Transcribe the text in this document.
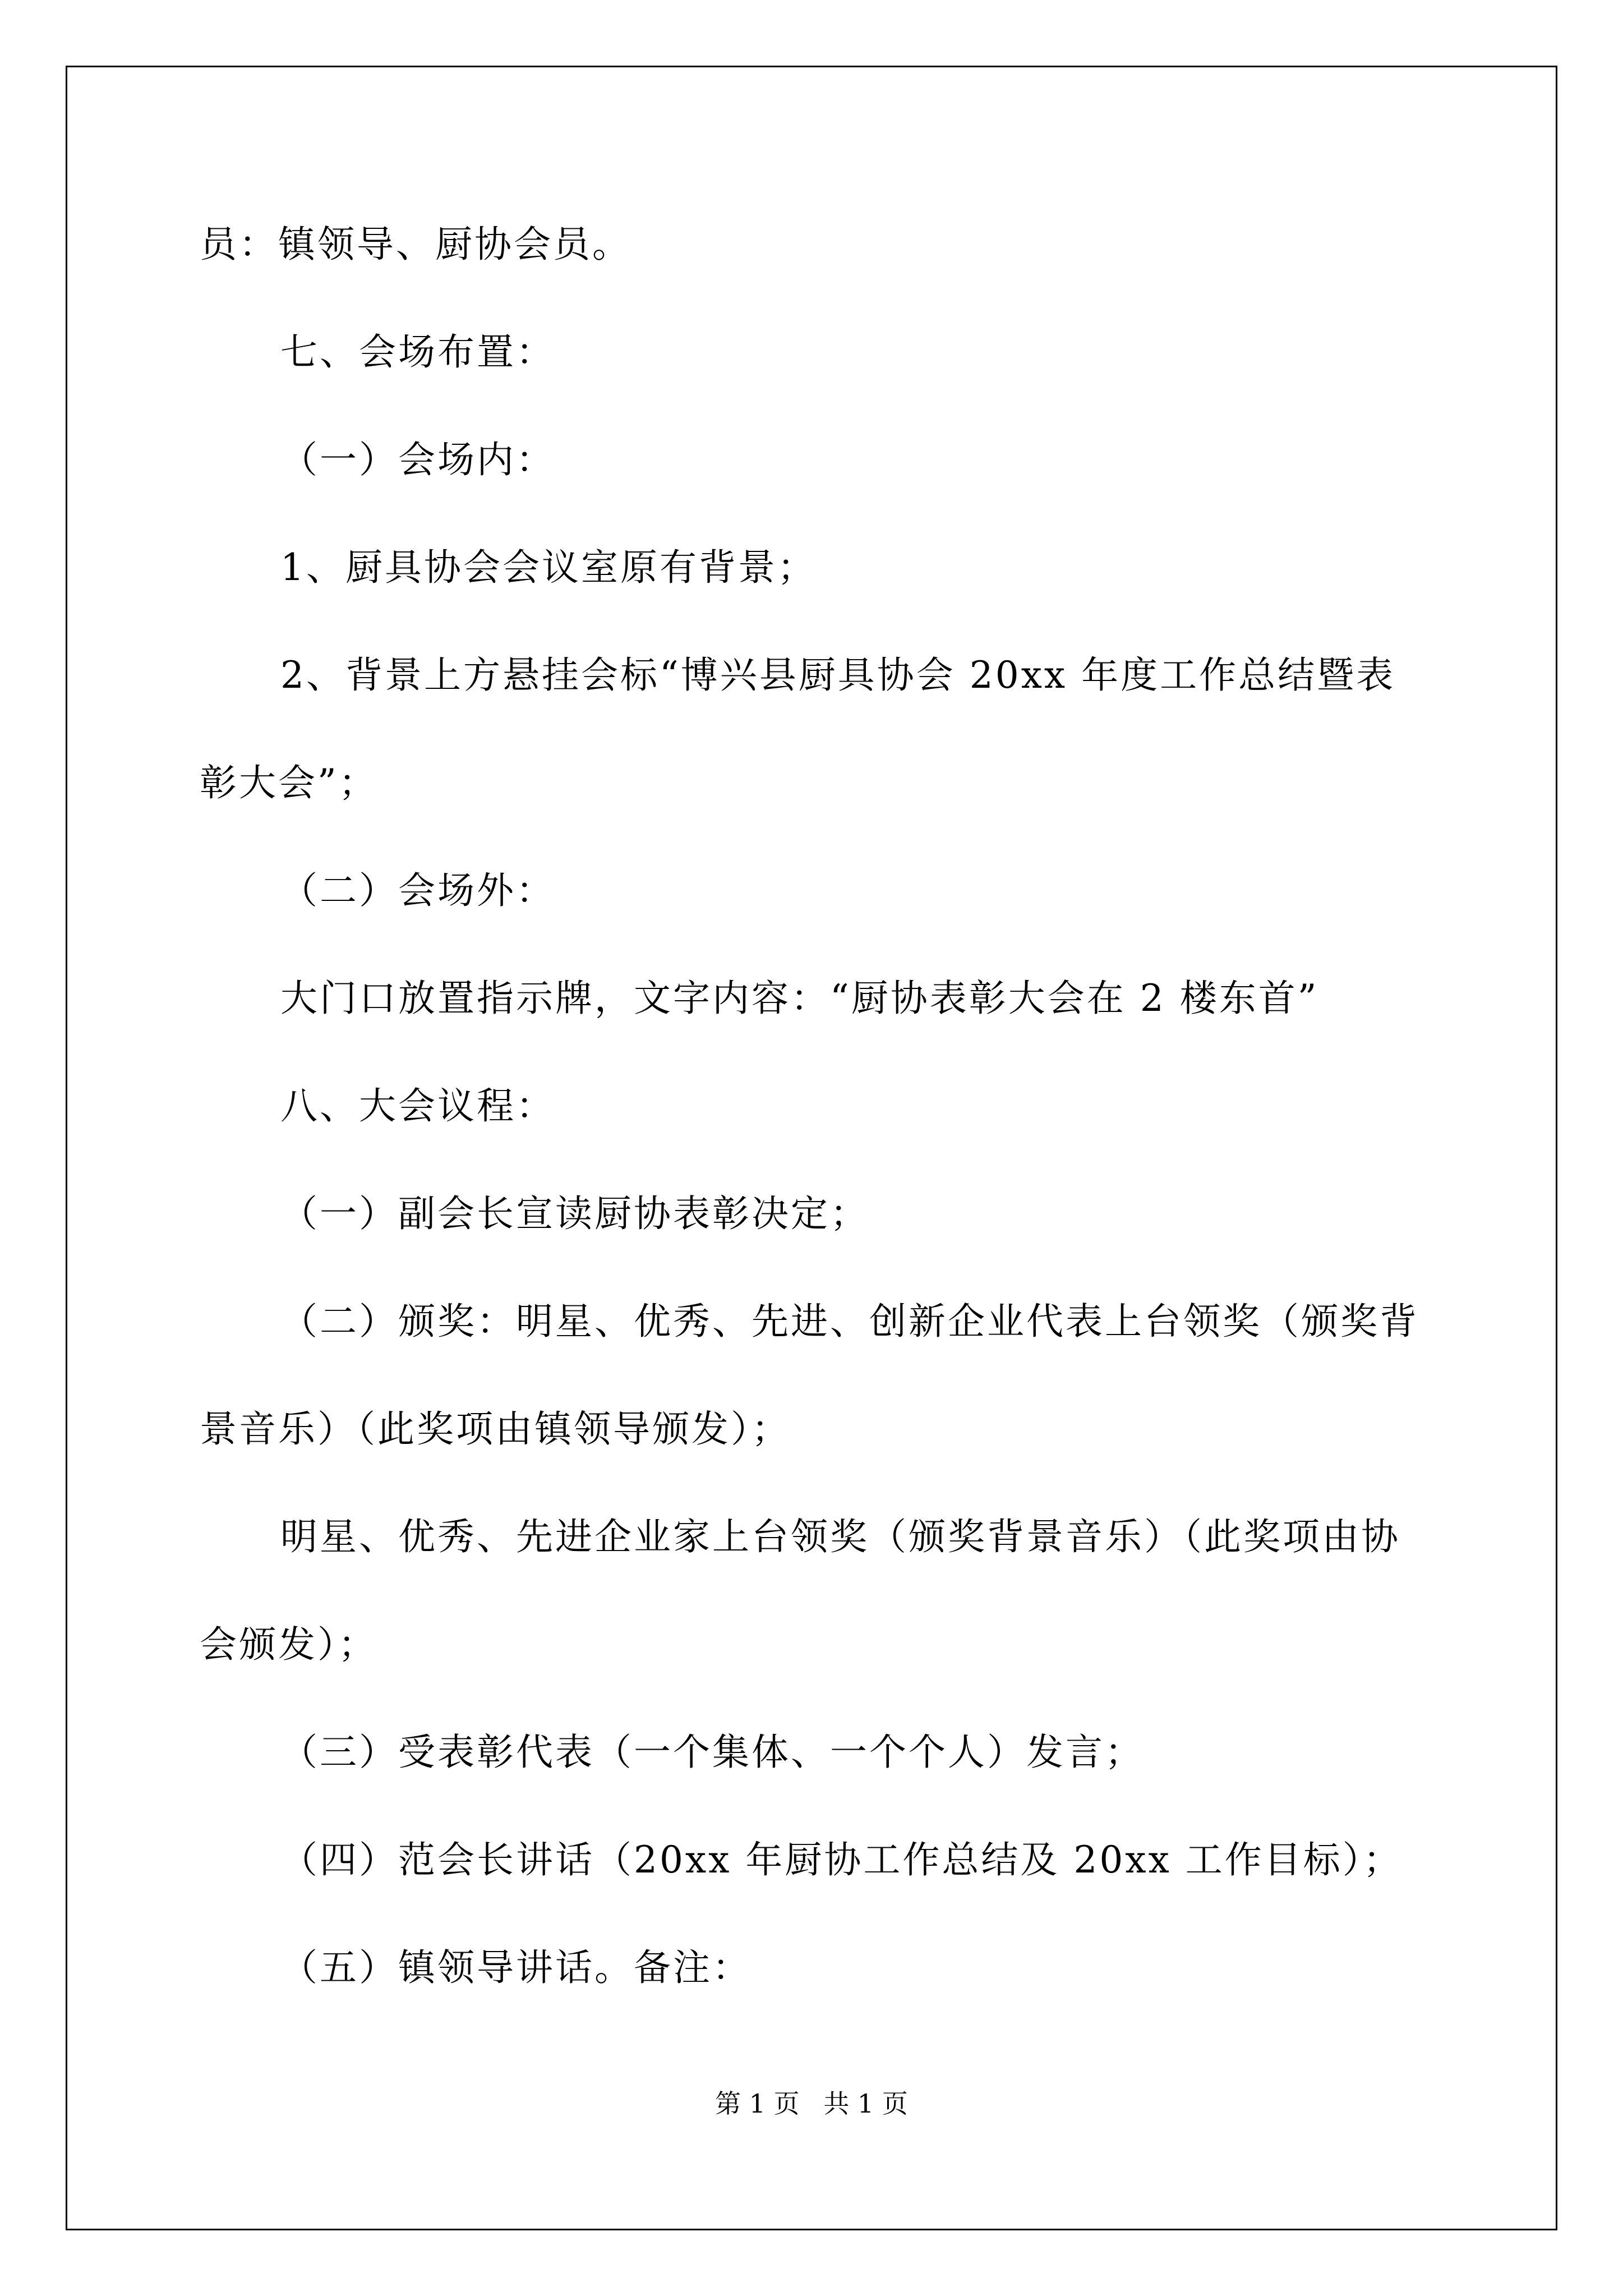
员：镇领导、厨协会员。

七、会场布置：

（一）会场内：

1、厨具协会会议室原有背景；

2、背景上方悬挂会标“博兴县厨具协会 20xx 年度工作总结暨表彰大会”；

（二）会场外：

大门口放置指示牌，文字内容：“厨协表彰大会在 2 楼东首”

八、大会议程：

（一）副会长宣读厨协表彰决定；

（二）颁奖：明星、优秀、先进、创新企业代表上台领奖（颁奖背景音乐）（此奖项由镇领导颁发）；

明星、优秀、先进企业家上台领奖（颁奖背景音乐）（此奖项由协会颁发）；

（三）受表彰代表（一个集体、一个个人）发言；

（四）范会长讲话（20xx 年厨协工作总结及 20xx 工作目标）；

（五）镇领导讲话。备注：

第 1 页 共 1 页
